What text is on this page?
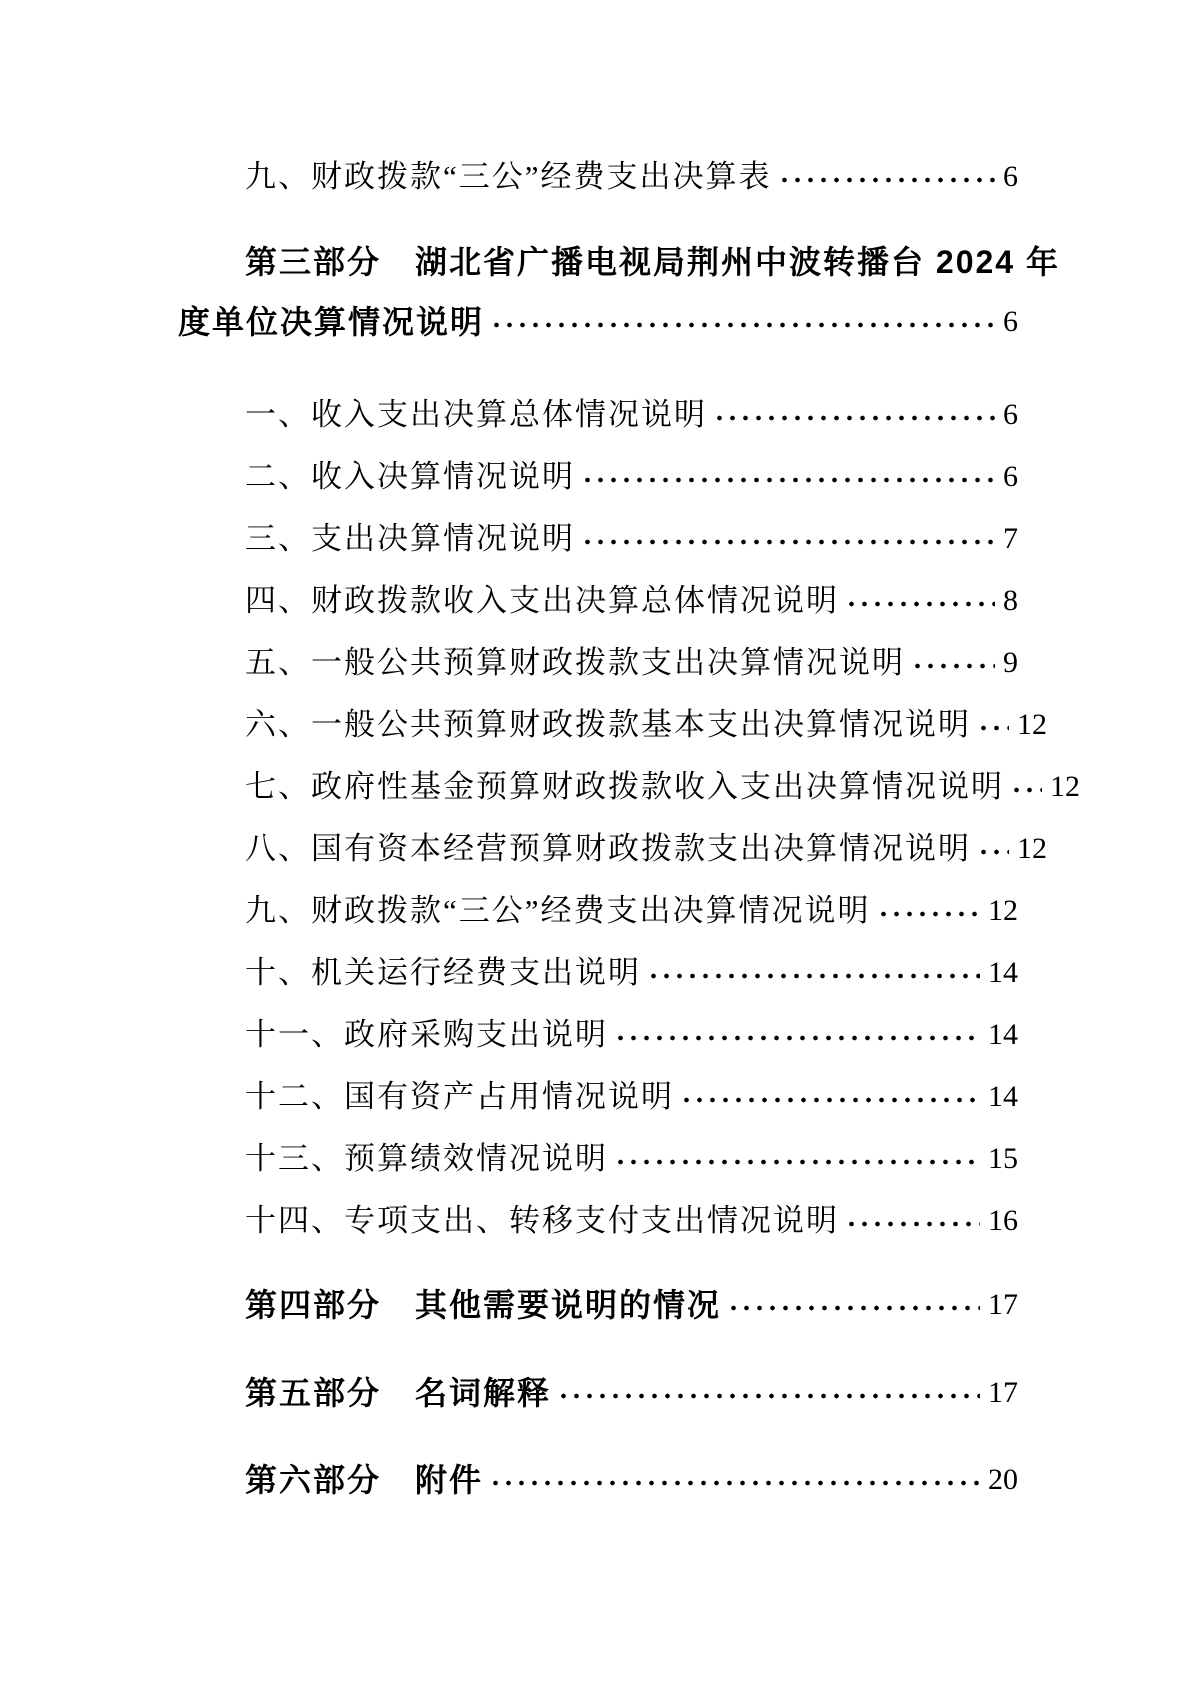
九、财政拨款“三公”经费支出决算表	6
第三部分　湖北省广播电视局荆州中波转播台 2024 年
度单位决算情况说明	6
一、收入支出决算总体情况说明	6
二、收入决算情况说明	6
三、支出决算情况说明	7
四、财政拨款收入支出决算总体情况说明	8
五、一般公共预算财政拨款支出决算情况说明	9
六、一般公共预算财政拨款基本支出决算情况说明 12
七、政府性基金预算财政拨款收入支出决算情况说明 12
八、国有资本经营预算财政拨款支出决算情况说明 12
九、财政拨款“三公”经费支出决算情况说明	12
十、机关运行经费支出说明	14
十一、政府采购支出说明	14
十二、国有资产占用情况说明	14
十三、预算绩效情况说明	15
十四、专项支出、转移支付支出情况说明	16
第四部分　其他需要说明的情况	17
第五部分　名词解释	17
第六部分　附件	20
